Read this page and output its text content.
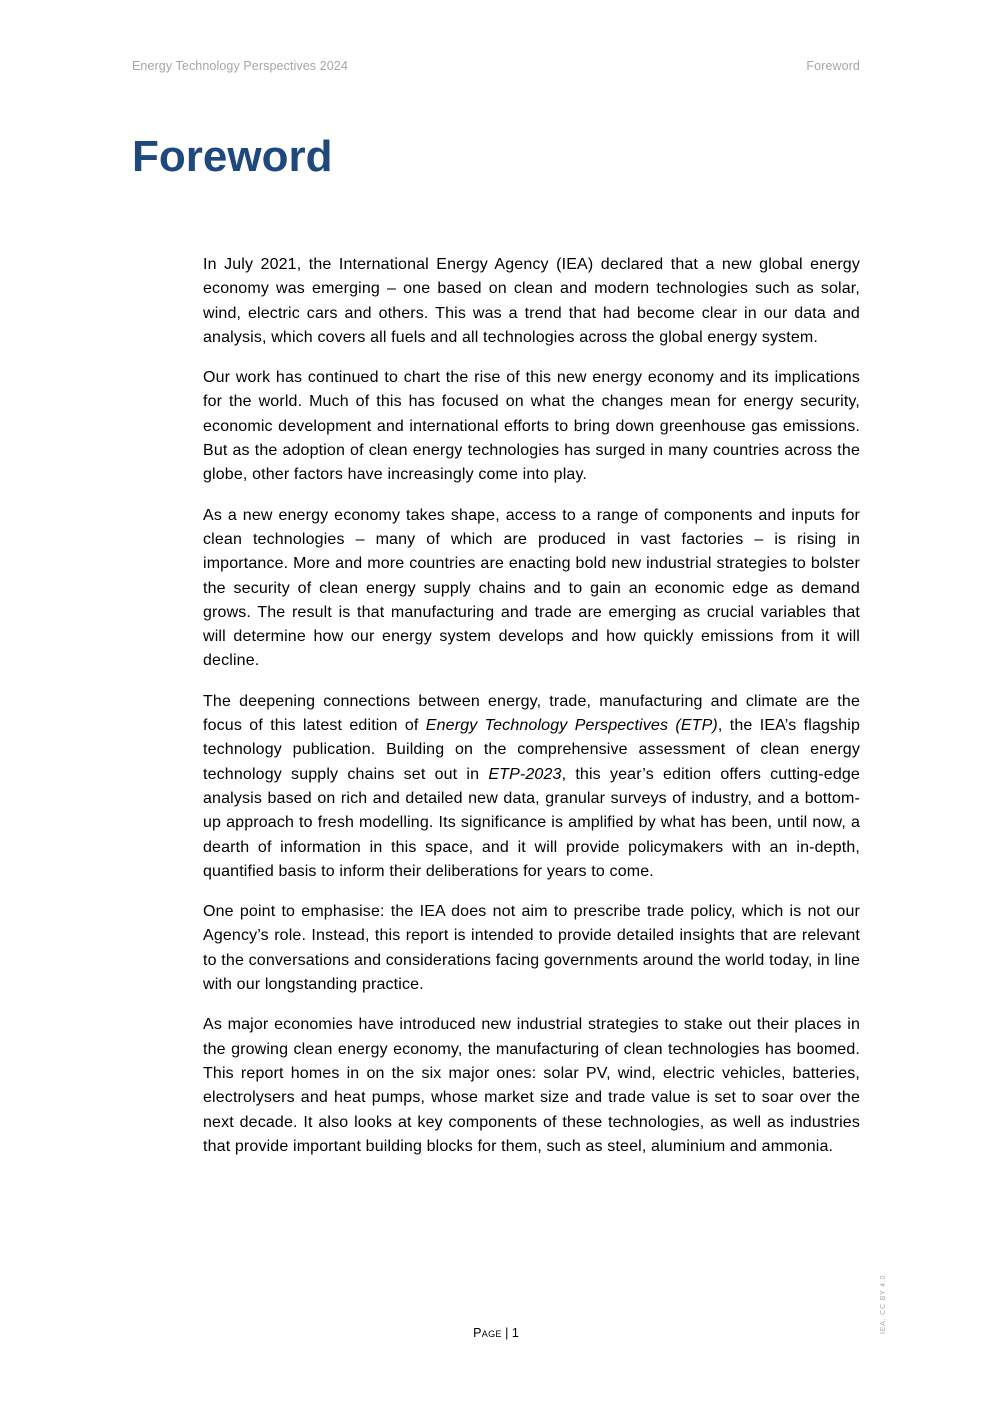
Energy Technology Perspectives 2024	Foreword
Foreword

In July 2021, the International Energy Agency (IEA) declared that a new global energy economy was emerging – one based on clean and modern technologies such as solar, wind, electric cars and others. This was a trend that had become clear in our data and analysis, which covers all fuels and all technologies across the global energy system.

Our work has continued to chart the rise of this new energy economy and its implications for the world. Much of this has focused on what the changes mean for energy security, economic development and international efforts to bring down greenhouse gas emissions. But as the adoption of clean energy technologies has surged in many countries across the globe, other factors have increasingly come into play.

As a new energy economy takes shape, access to a range of components and inputs for clean technologies – many of which are produced in vast factories – is rising in importance. More and more countries are enacting bold new industrial strategies to bolster the security of clean energy supply chains and to gain an economic edge as demand grows. The result is that manufacturing and trade are emerging as crucial variables that will determine how our energy system develops and how quickly emissions from it will decline.

The deepening connections between energy, trade, manufacturing and climate are the focus of this latest edition of Energy Technology Perspectives (ETP), the IEA’s flagship technology publication. Building on the comprehensive assessment of clean energy technology supply chains set out in ETP-2023, this year’s edition offers cutting-edge analysis based on rich and detailed new data, granular surveys of industry, and a bottom-up approach to fresh modelling. Its significance is amplified by what has been, until now, a dearth of information in this space, and it will provide policymakers with an in-depth, quantified basis to inform their deliberations for years to come.

One point to emphasise: the IEA does not aim to prescribe trade policy, which is not our Agency’s role. Instead, this report is intended to provide detailed insights that are relevant to the conversations and considerations facing governments around the world today, in line with our longstanding practice.

As major economies have introduced new industrial strategies to stake out their places in the growing clean energy economy, the manufacturing of clean technologies has boomed. This report homes in on the six major ones: solar PV, wind, electric vehicles, batteries, electrolysers and heat pumps, whose market size and trade value is set to soar over the next decade. It also looks at key components of these technologies, as well as industries that provide important building blocks for them, such as steel, aluminium and ammonia.

Page | 1	IEA. CC BY 4.0.
